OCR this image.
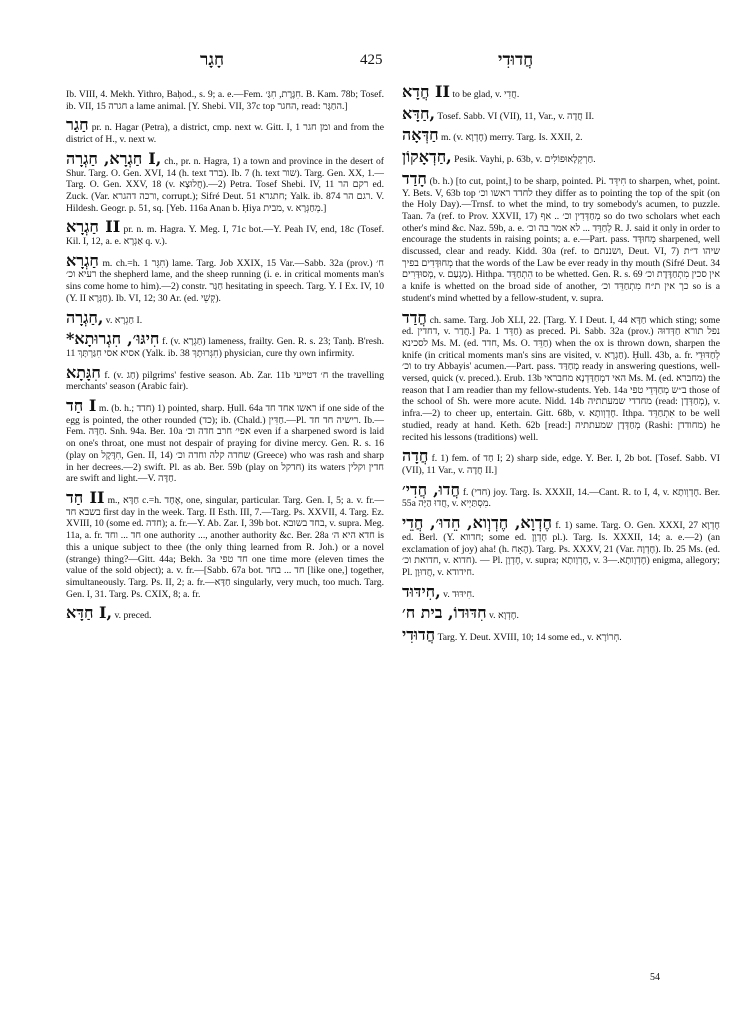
חָגָר	425	חֲדוּדִי

Ib. VIII, 4. Mekh. Yithro, Baḥod., s. 9; a. e.—Fem. חִגֶּרֶת, חִגַּ׳. B. Kam. 78b; Tosef. ib. VII, 15 חגרה a lame animal. [Y. Shebi. VII, 37c top החגר, read: החַגָּר.]

חַגַר pr. n. Hagar (Petra), a district, cmp. next w. Gitt. I, 1 ומן חגר and from the district of H., v. next w.

חַגְרָא, חַגְרָה I, ch., pr. n. Hagra, 1) a town and province in the desert of Shur. Targ. O. Gen. XVI, 14 (h. text ברד). Ib. 7 (h. text שור). Targ. Gen. XX, 1.—Targ. O. Gen. XXV, 18 (v. חֲלוּצָא).—2) Petra. Tosef Shebi. IV, 11 רקם הר ed. Zuck. (Var. ורכה דהגרא, corrupt.); Sifré Deut. 51 חתגרא; Yalk. ib. 874 רגם הר. V. Hildesh. Geogr. p. 51, sq. [Yeb. 116a Anan b. Ḥiya מבית, v. מְחַגְּרָא.]

חַגְרָא II pr. n. m. Hagra. Y. Meg. I, 71c bot.—Y. Peah IV, end, 18c (Tosef. Kil. I, 12, a. e. אַגְרָא q. v.).

חַגְרָא m. ch.=h. חִגֵּר 1) lame. Targ. Job XXIX, 15 Var.—Sabb. 32a (prov.) ח׳ רעיא וכ׳ the shepherd lame, and the sheep running (i. e. in critical moments man's sins come home to him).—2) constr. חַגַּר hesitating in speech. Targ. Y. I Ex. IV, 10 (Y. II חַגְּרָא). Ib. VI, 12; 30 Ar. (ed. קְשֵׁי).

חַגְרָה, v. חַגְרָא I.

*חִיגּוּ׳, חִגְרוּתָא f. (v. חַגְרָא) lameness, frailty. Gen. R. s. 23; Tanḥ. B'resh. 11 אסיא אסי חִגַּרְתָּךְ (Yalk. ib. 38 חִגְּרוּתָךְ) physician, cure thy own infirmity.

חִגָּתָא f. (v. חַג) pilgrims' festive season. Ab. Zar. 11b ח׳ דטייעי the travelling merchants' season (Arabic fair).

חַד I m. (b. h.; חדד) 1) pointed, sharp. Ḥull. 64a ראשו אחד חד if one side of the egg is pointed, the other rounded (כד); ib. (Chald.) חַדִּין.—Pl. רישיה חד חד. Ib.—Fem. חַדָּה. Snh. 94a. Ber. 10a אפי׳ חרב חדה וכ׳ even if a sharpened sword is laid on one's throat, one must not despair of praying for divine mercy. Gen. R. s. 16 (play on חִדֶּקֶל, Gen. II, 14) שחדה קלה וחדה וכ׳ (Greece) who was rash and sharp in her decrees.—2) swift. Pl. as ab. Ber. 59b (play on חדקל) its waters חדין וקלין are swift and light.—V. חַדָּה.

חַד II m., חַדָּא c.=h. אֶחָד, one, singular, particular. Targ. Gen. I, 5; a. v. fr.—בשבא חד first day in the week. Targ. II Esth. III, 7.—Targ. Ps. XXVII, 4. Targ. Ez. XVIII, 10 (some ed. חדה); a. fr.—Y. Ab. Zar. I, 39b bot. בחד בשובא, v. supra. Meg. 11a, a. fr. חד ... וחד one authority ..., another authority &c. Ber. 28a חדא היא ה׳ is this a unique subject to thee (the only thing learned from R. Joh.) or a novel (strange) thing?—Gitt. 44a; Bekh. 3a חד טפי one time more (eleven times the value of the sold object); a. v. fr.—[Sabb. 67a bot. חד ... בחד [like one,] together, simultaneously. Targ. Ps. II, 2; a. fr.—חַדָּא singularly, very much, too much. Targ. Gen. I, 31. Targ. Ps. CXIX, 8; a. fr.

חַדָּא I, v. preced.

חֲדָא II to be glad, v. חֲדִי.

חַדָּא, Tosef. Sabb. VI (VII), 11, Var., v. חֲדָה II.

חַדְּאָה m. (v. חֶדְוָא) merry. Targ. Is. XXII, 2.

חַדְאָקוֹן, Pesik. Vayhi, p. 63b, v. חַרְקְלָאוּפוֹלִים.

חָדַד (b. h.) [to cut, point,] to be sharp, pointed. Pi. חִידֵּד to sharpen, whet, point. Y. Bets. V, 63b top לחדד ראשו וכ׳ they differ as to pointing the top of the spit (on the Holy Day).—Trnsf. to whet the mind, to try somebody's acumen, to puzzle. Taan. 7a (ref. to Prov. XXVII, 17) מְחַדְּדִין וכ׳ .. אף so do two scholars whet each other's mind &c. Naz. 59b, a. e. לְחַדֵּד ... לא אמר בה וכ׳ R. J. said it only in order to encourage the students in raising points; a. e.—Part. pass. מְחוּדָּד sharpened, well discussed, clear and ready. Kidd. 30a (ref. to ושננתם, Deut. VI, 7) שיהו ד״ת מְחוּדָּדִים בפיך that the words of the Law be ever ready in thy mouth (Sifré Deut. 34 מְסוּדָּרִים, v. מַגְעַם). Hithpa. הִתְחַדֵּד to be whetted. Gen. R. s. 69 אין סכין מִתְחַדֶּדֶת וכ׳ a knife is whetted on the broad side of another, כך אין ת״ח מִתְחַדֵּד וכ׳ so is a student's mind whetted by a fellow-student, v. supra.

חֲדַד ch. same. Targ. Job XLI, 22. [Targ. Y. I Deut. I, 44 חַדָּא which sting; some ed. דחדין, v. חֲדַר.] Pa. חַדֵּד 1) as preced. Pi. Sabb. 32a (prov.) נפל תורא חַדְּדוּהּ לסכינא Ms. M. (ed. חדד, Ms. O. חַדֵּד) when the ox is thrown down, sharpen the knife (in critical moments man's sins are visited, v. חַגְרָא). Ḥull. 43b, a. fr. לְחַדּוּדֵי וכ׳ to try Abbayis' acumen.—Part. pass. מְחַדַּד ready in answering questions, well-versed, quick (v. preced.). Erub. 13b האי דמְחַדַּדְנָא מחבראי Ms. M. (ed. מחברא) the reason that I am readier than my fellow-students. Yeb. 14a ב״ש מְחַדְּדֵי טפי those of the school of Sh. were more acute. Nidd. 14b מחדדי שמעתתיה (read: מְחַדְּדָן), v. infra.—2) to cheer up, entertain. Gitt. 68b, v. חֶדְוְותָא. Ithpa. אִתְחַדֵּד to be well studied, ready at hand. Keth. 62b [read:] מְחַדְּדָן שמעתתיה (Rashi: מחודדן) he recited his lessons (traditions) well.

חֲדָה f. 1) fem. of חַד I; 2) sharp side, edge. Y. Ber. I, 2b bot. [Tosef. Sabb. VI (VII), 11 Var., v. חֲדָה II.]

חֲדוּ, חֲדִי׳ f. (חדי) joy. Targ. Is. XXXII, 14.—Cant. R. to I, 4, v. חֶדְוְותָא. Ber. 55a חֲדוּ הַיָּה, v. מִסְתַּיְיא.

חֶדְוָא, חֶדְוְוא, חֵדוּ׳, חֲדֵי f. 1) same. Targ. O. Gen. XXXI, 27 חֶדְוָא ed. Berl. (Y. חדווא; some ed. חֶדְוָן pl.). Targ. Is. XXXII, 14; a. e.—2) (an exclamation of joy) aha! (h. הֶאָח). Targ. Ps. XXXV, 21 (Var. חֶדְוָה). Ib. 25 Ms. (ed. חדואת וכ׳, v. חדוא). — Pl. חֶדְוָן, v. supra; חֶדְוָותָא, v. חֶדְוָותָא.—3) enigma, allegory; Pl. חֲדוּוָן, v. חידודא.

חִידּוּד, v. חִידּוּד.

חִדּוּדוֹ, בית ח׳ v. חֶדְוָא.

חֲדוּדִי Targ. Y. Deut. XVIII, 10; 14 some ed., v. חְרוֹרָא.

54
